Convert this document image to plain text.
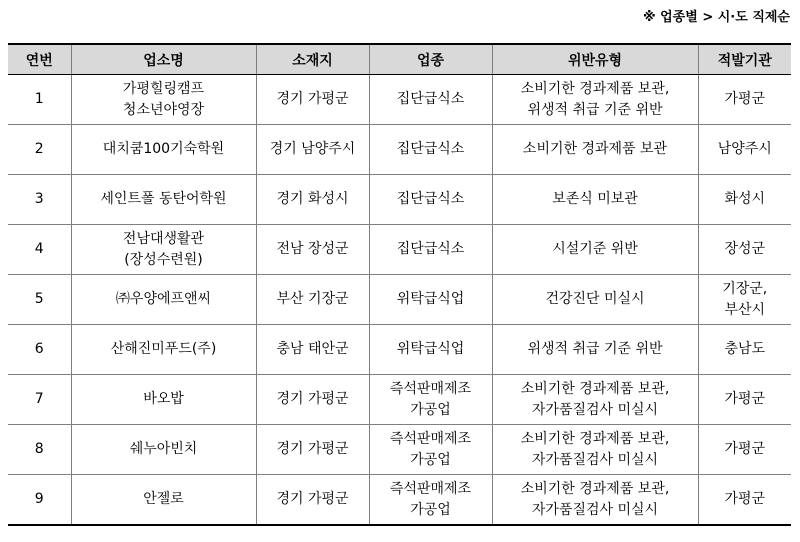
※ 업종별 > 시·도 직제순
연번	업소명	소재지	업종	위반유형	적발기관
1	가평힐링캠프
청소년야영장	경기 가평군	집단급식소	소비기한 경과제품 보관,
위생적 취급 기준 위반	가평군
2	대치쿰100기숙학원	경기 남양주시	집단급식소	소비기한 경과제품 보관	남양주시
3	세인트폴 동탄어학원	경기 화성시	집단급식소	보존식 미보관	화성시
4	전남대생활관
(장성수련원)	전남 장성군	집단급식소	시설기준 위반	장성군
5	㈜우양에프앤씨	부산 기장군	위탁급식업	건강진단 미실시	기장군,
부산시
6	산해진미푸드(주)	충남 태안군	위탁급식업	위생적 취급 기준 위반	충남도
7	바오밥	경기 가평군	즉석판매제조
가공업	소비기한 경과제품 보관,
자가품질검사 미실시	가평군
8	쉐누아빈치	경기 가평군	즉석판매제조
가공업	소비기한 경과제품 보관,
자가품질검사 미실시	가평군
9	안젤로	경기 가평군	즉석판매제조
가공업	소비기한 경과제품 보관,
자가품질검사 미실시	가평군
